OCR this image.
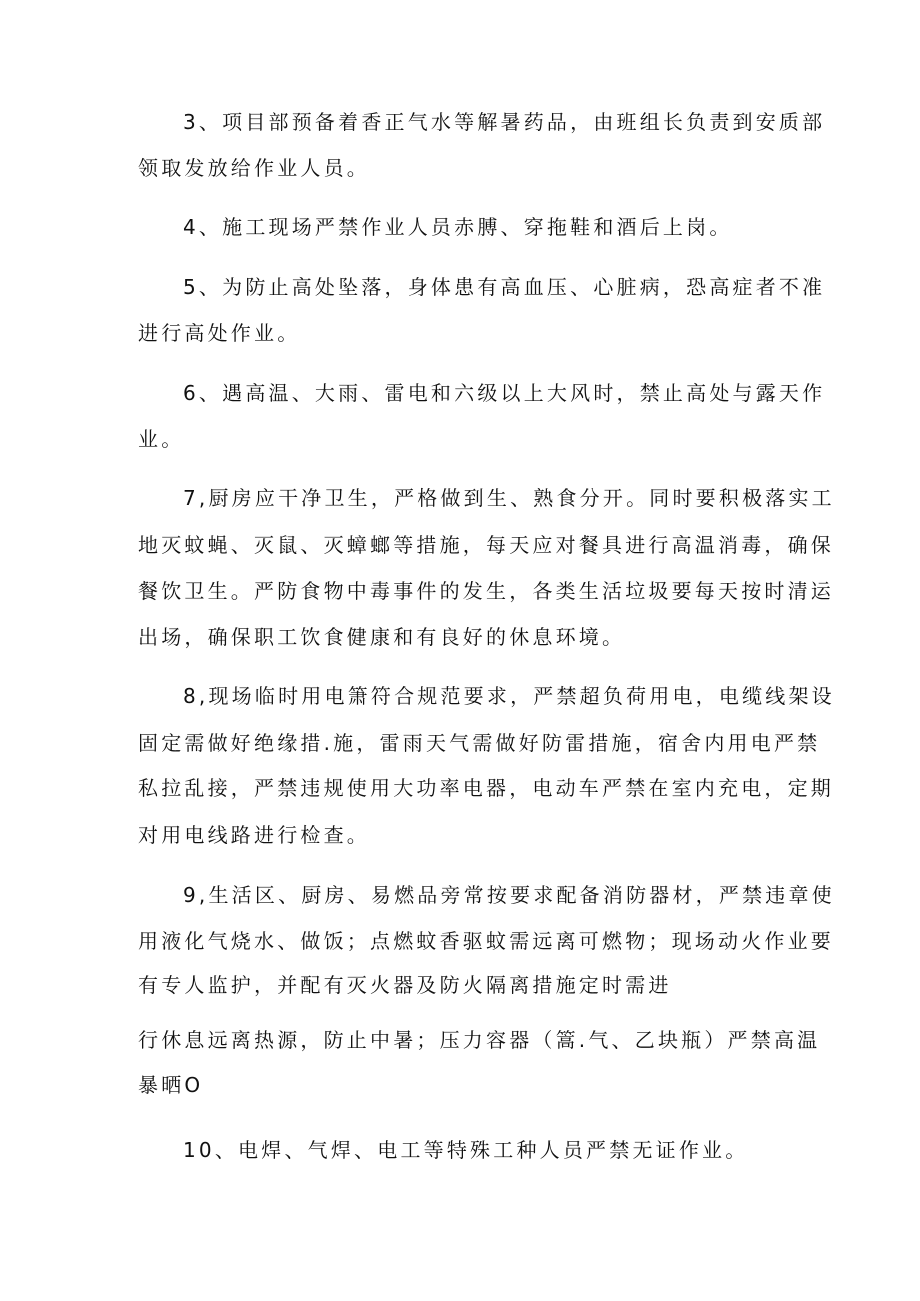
3、项目部预备着香正气水等解暑药品，由班组长负责到安质部
领取发放给作业人员。
4、施工现场严禁作业人员赤膊、穿拖鞋和酒后上岗。
5、为防止高处坠落，身体患有高血压、心脏病，恐高症者不准
进行高处作业。
6、遇高温、大雨、雷电和六级以上大风时，禁止高处与露天作
业。
7,厨房应干净卫生，严格做到生、熟食分开。同时要积极落实工
地灭蚊蝇、灭鼠、灭蟑螂等措施，每天应对餐具进行高温消毒，确保
餐饮卫生。严防食物中毒事件的发生，各类生活垃圾要每天按时清运
出场，确保职工饮食健康和有良好的休息环境。
8,现场临时用电箫符合规范要求，严禁超负荷用电，电缆线架设
固定需做好绝缘措.施，雷雨天气需做好防雷措施，宿舍内用电严禁
私拉乱接，严禁违规使用大功率电器，电动车严禁在室内充电，定期
对用电线路进行检查。
9,生活区、厨房、易燃品旁常按要求配备消防器材，严禁违章使
用液化气烧水、做饭；点燃蚊香驱蚊需远离可燃物；现场动火作业要
有专人监护，并配有灭火器及防火隔离措施定时需进
行休息远离热源，防止中暑；压力容器（篙.气、乙块瓶）严禁高温
暴晒O
10、电焊、气焊、电工等特殊工种人员严禁无证作业。
